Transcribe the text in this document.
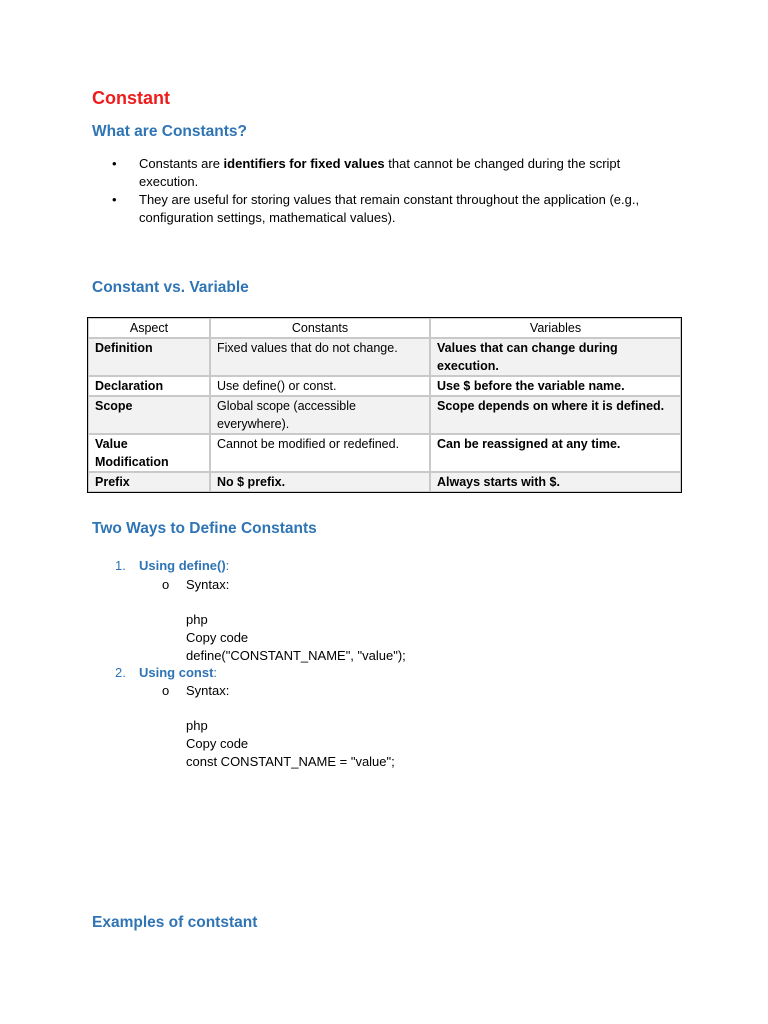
Constant
What are Constants?
• Constants are identifiers for fixed values that cannot be changed during the script execution.
• They are useful for storing values that remain constant throughout the application (e.g., configuration settings, mathematical values).
Constant vs. Variable
Aspect	Constants	Variables
Definition	Fixed values that do not change.	Values that can change during execution.
Declaration	Use define() or const.	Use $ before the variable name.
Scope	Global scope (accessible everywhere).	Scope depends on where it is defined.
Value Modification	Cannot be modified or redefined.	Can be reassigned at any time.
Prefix	No $ prefix.	Always starts with $.
Two Ways to Define Constants
1. Using define():
o Syntax:
php
Copy code
define("CONSTANT_NAME", "value");
2. Using const:
o Syntax:
php
Copy code
const CONSTANT_NAME = "value";
Examples of contstant
